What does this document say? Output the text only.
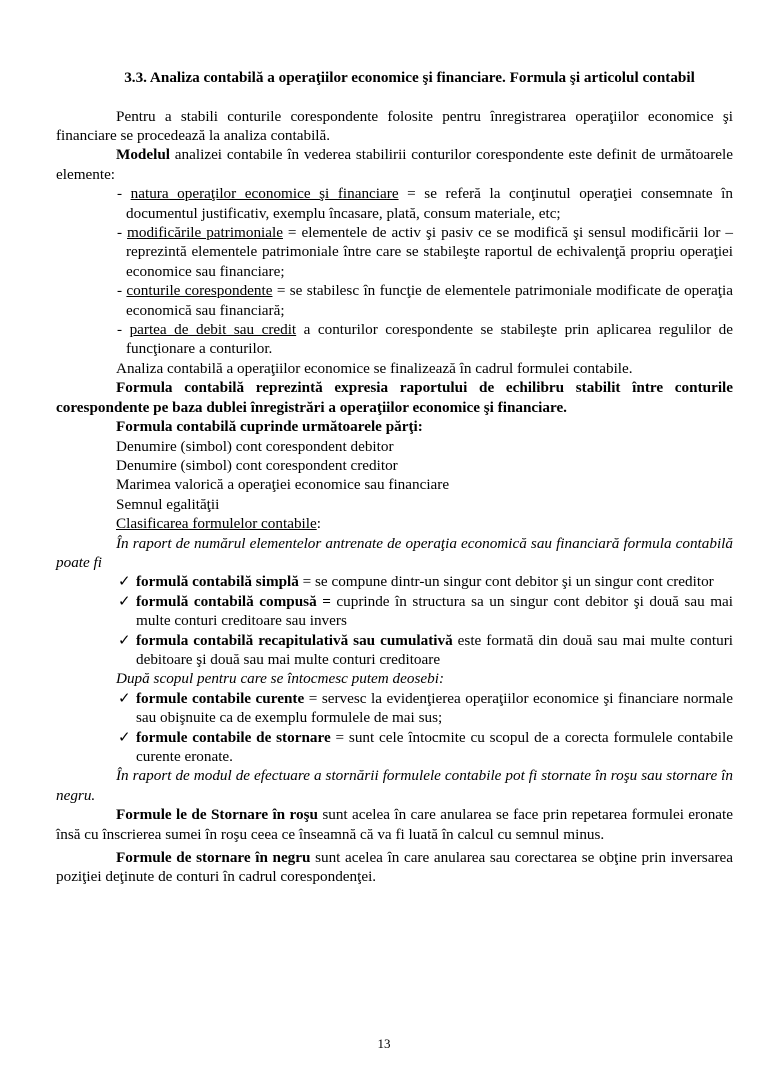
3.3. Analiza contabilă a operaţiilor economice şi financiare. Formula şi articolul contabil

Pentru a stabili conturile corespondente folosite pentru înregistrarea operaţiilor economice şi financiare se procedează la analiza contabilă.

Modelul analizei contabile în vederea stabilirii conturilor corespondente este definit de următoarele elemente:

- natura operaţilor economice şi financiare = se referă la conţinutul operaţiei consemnate în documentul justificativ, exemplu încasare, plată, consum materiale, etc;

- modificările patrimoniale = elementele de activ şi pasiv ce se modifică şi sensul modificării lor – reprezintă elementele patrimoniale între care se stabileşte raportul de echivalenţă propriu operaţiei economice sau financiare;

- conturile corespondente = se stabilesc în funcţie de elementele patrimoniale modificate de operaţia economică sau financiară;

- partea de debit sau credit a conturilor corespondente se stabileşte prin aplicarea regulilor de funcţionare a conturilor.

Analiza contabilă a operaţiilor economice se finalizează în cadrul formulei contabile.

Formula contabilă reprezintă expresia raportului de echilibru stabilit între conturile corespondente pe baza dublei înregistrări a operaţiilor economice şi financiare.

Formula contabilă cuprinde următoarele părţi:

Denumire (simbol) cont corespondent debitor

Denumire (simbol) cont corespondent creditor

Marimea valorică a operaţiei economice sau financiare

Semnul egalităţii

Clasificarea formulelor contabile:

În raport de numărul elementelor antrenate de operaţia economică sau financiară formula contabilă poate fi

✓ formulă contabilă simplă = se compune dintr-un singur cont debitor şi un singur cont creditor

✓ formulă contabilă compusă = cuprinde în structura sa un singur cont debitor şi două sau mai multe conturi creditoare sau invers

✓ formula contabilă recapitulativă sau cumulativă este formată din două sau mai multe conturi debitoare şi două sau mai multe conturi creditoare

După scopul pentru care se întocmesc putem deosebi:

✓ formule contabile curente = servesc la evidenţierea operaţiilor economice şi financiare normale sau obişnuite ca de exemplu formulele de mai sus;

✓ formule contabile de stornare = sunt cele întocmite cu scopul de a corecta formulele contabile curente eronate.

În raport de modul de efectuare a stornării formulele contabile pot fi stornate în roşu sau stornare în negru.

Formule le de Stornare în roşu sunt acelea în care anularea se face prin repetarea formulei eronate însă cu înscrierea sumei în roşu ceea ce înseamnă că va fi luată în calcul cu semnul minus.

Formule de stornare în negru sunt acelea în care anularea sau corectarea se obţine prin inversarea poziţiei deţinute de conturi în cadrul corespondenţei.

13
